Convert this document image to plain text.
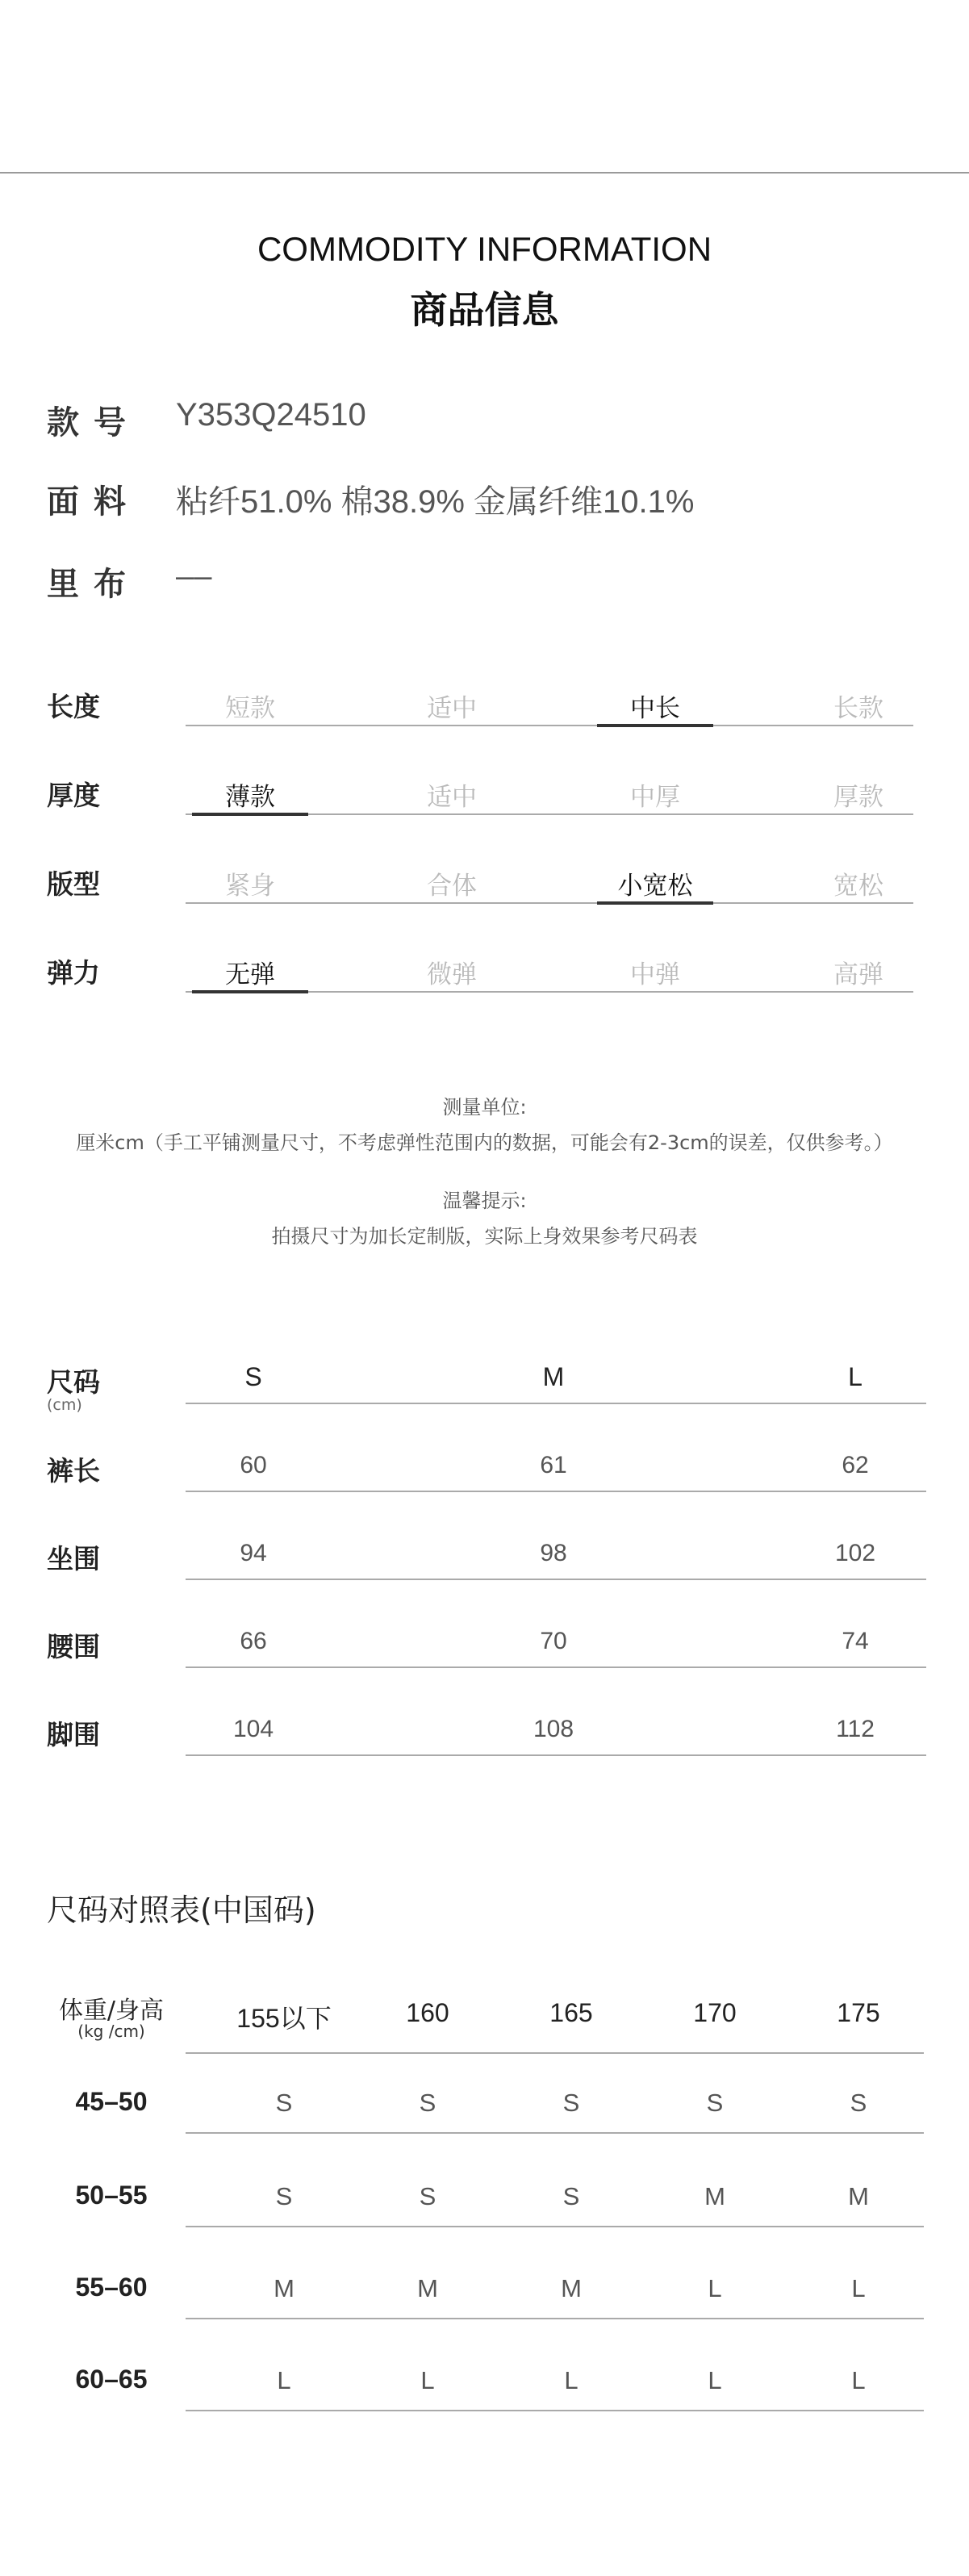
COMMODITY INFORMATION
商品信息
款号 Y353Q24510
面料 粘纤51.0% 棉38.9% 金属纤维10.1%
里布 ––
长度	短款	适中	中长	长款
厚度	薄款	适中	中厚	厚款
版型	紧身	合体	小宽松	宽松
弹力	无弹	微弹	中弹	高弹
测量单位:
厘米cm（手工平铺测量尺寸，不考虑弹性范围内的数据，可能会有2-3cm的误差，仅供参考。）
温馨提示:
拍摄尺寸为加长定制版，实际上身效果参考尺码表
尺码
(cm)
S	M	L
裤长	60	61	62
坐围	94	98	102
腰围	66	70	74
脚围	104	108	112
尺码对照表(中国码)
体重/身高
(kg /cm)	155以下	160	165	170	175
45–50	S	S	S	S	S
50–55	S	S	S	M	M
55–60	M	M	M	L	L
60–65	L	L	L	L	L
